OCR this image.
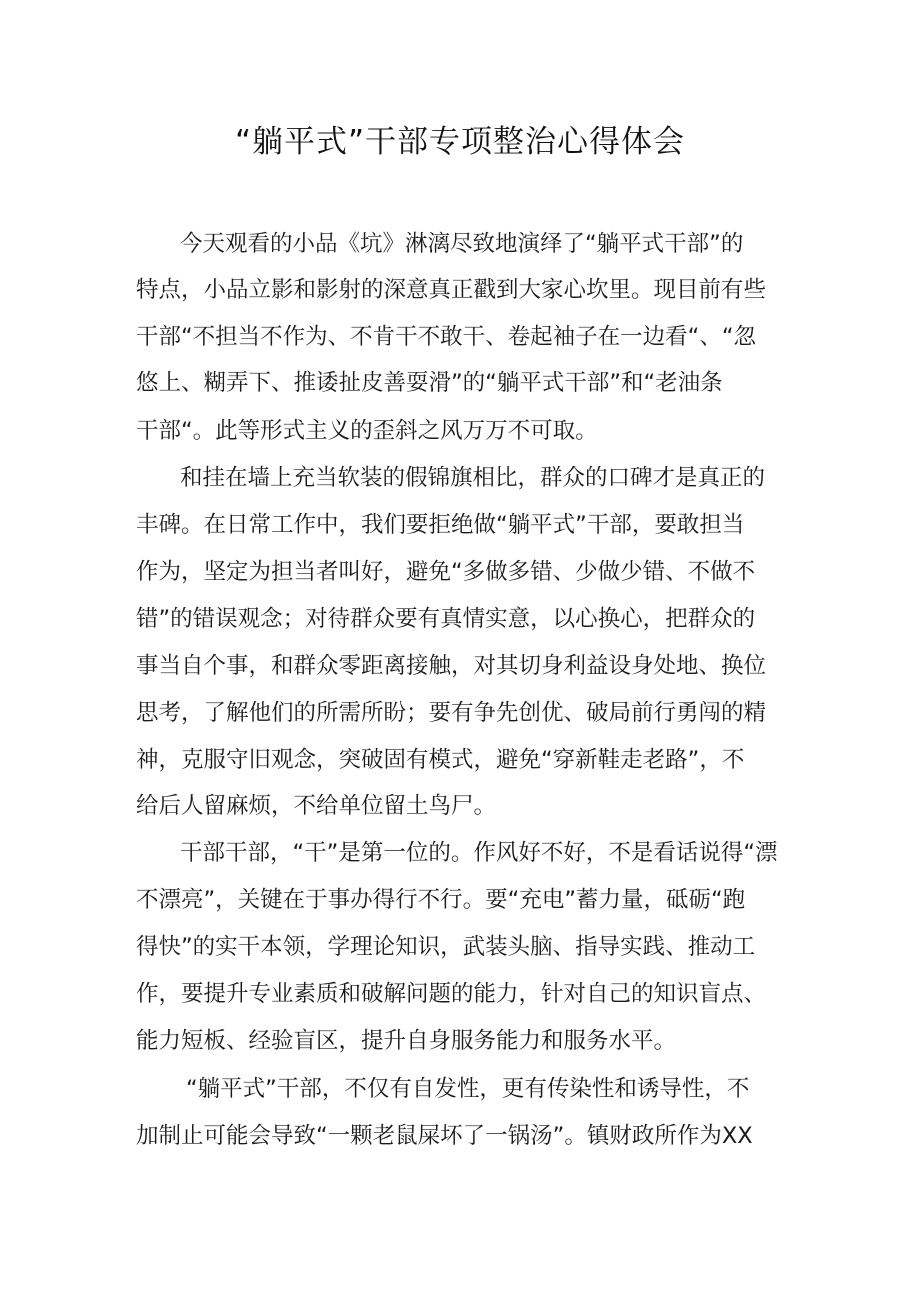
“躺平式”干部专项整治心得体会
今天观看的小品《坑》淋漓尽致地演绎了“躺平式干部”的
特点，小品立影和影射的深意真正戳到大家心坎里。现目前有些
干部“不担当不作为、不肯干不敢干、卷起袖子在一边看“、“忽
悠上、糊弄下、推诿扯皮善耍滑”的“躺平式干部”和“老油条
干部“。此等形式主义的歪斜之风万万不可取。
和挂在墙上充当软装的假锦旗相比，群众的口碑才是真正的
丰碑。在日常工作中，我们要拒绝做“躺平式”干部，要敢担当
作为，坚定为担当者叫好，避免“多做多错、少做少错、不做不
错”的错误观念；对待群众要有真情实意，以心换心，把群众的
事当自个事，和群众零距离接触，对其切身利益设身处地、换位
思考，了解他们的所需所盼；要有争先创优、破局前行勇闯的精
神，克服守旧观念，突破固有模式，避免“穿新鞋走老路”，不
给后人留麻烦，不给单位留土鸟尸。
干部干部，“干”是第一位的。作风好不好，不是看话说得“漂
不漂亮”，关键在于事办得行不行。要“充电”蓄力量，砥砺“跑
得快”的实干本领，学理论知识，武装头脑、指导实践、推动工
作，要提升专业素质和破解问题的能力，针对自己的知识盲点、
能力短板、经验盲区，提升自身服务能力和服务水平。
“躺平式”干部，不仅有自发性，更有传染性和诱导性，不
加制止可能会导致“一颗老鼠屎坏了一锅汤”。镇财政所作为XX
